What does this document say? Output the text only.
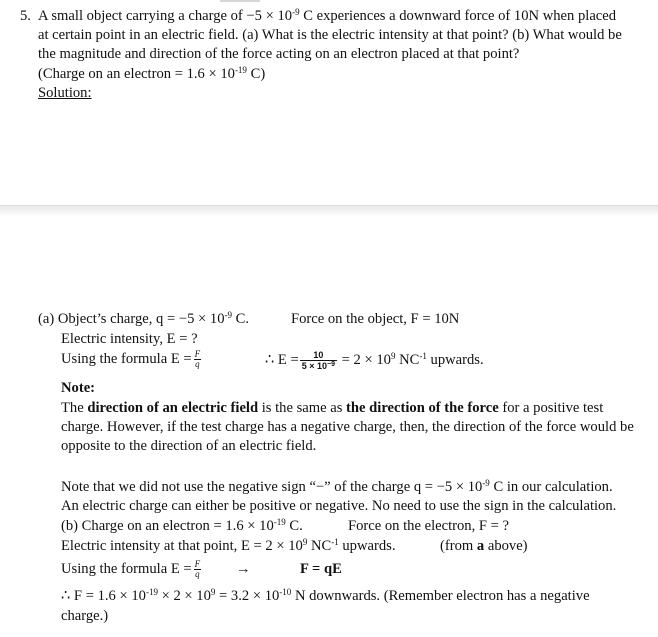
5. A small object carrying a charge of $-5 \times 10^{-9}$ C experiences a downward force of 10N when placed
at certain point in an electric field. (a) What is the electric intensity at that point? (b) What would be
the magnitude and direction of the force acting on an electron placed at that point?
(Charge on an electron = $1.6 \times 10^{-19}$ C)
Solution:
(a) Object’s charge, $q = -5 \times 10^{-9}$ C.	Force on the object, F = 10N
Electric intensity, E = ?
Using the formula $E = \frac{F}{q}$	∴ $E = \frac{10}{5 \times 10^{-9}} = 2 \times 10^9$ $NC^{-1}$ upwards.
Note:
The direction of an electric field is the same as the direction of the force for a positive test
charge. However, if the test charge has a negative charge, then, the direction of the force would be
opposite to the direction of an electric field.
Note that we did not use the negative sign “−” of the charge $q = -5 \times 10^{-9}$ C in our calculation.
An electric charge can either be positive or negative. No need to use the sign in the calculation.
(b) Charge on an electron = $1.6 \times 10^{-19}$ C.	Force on the electron, F = ?
Electric intensity at that point, $E = 2 \times 10^9$ $NC^{-1}$ upwards.	(from a above)
Using the formula $E = \frac{F}{q}$ →	F = qE
∴ $F = 1.6 \times 10^{-19} \times 2 \times 10^9 = 3.2 \times 10^{-10}$ N downwards. (Remember electron has a negative
charge.)
